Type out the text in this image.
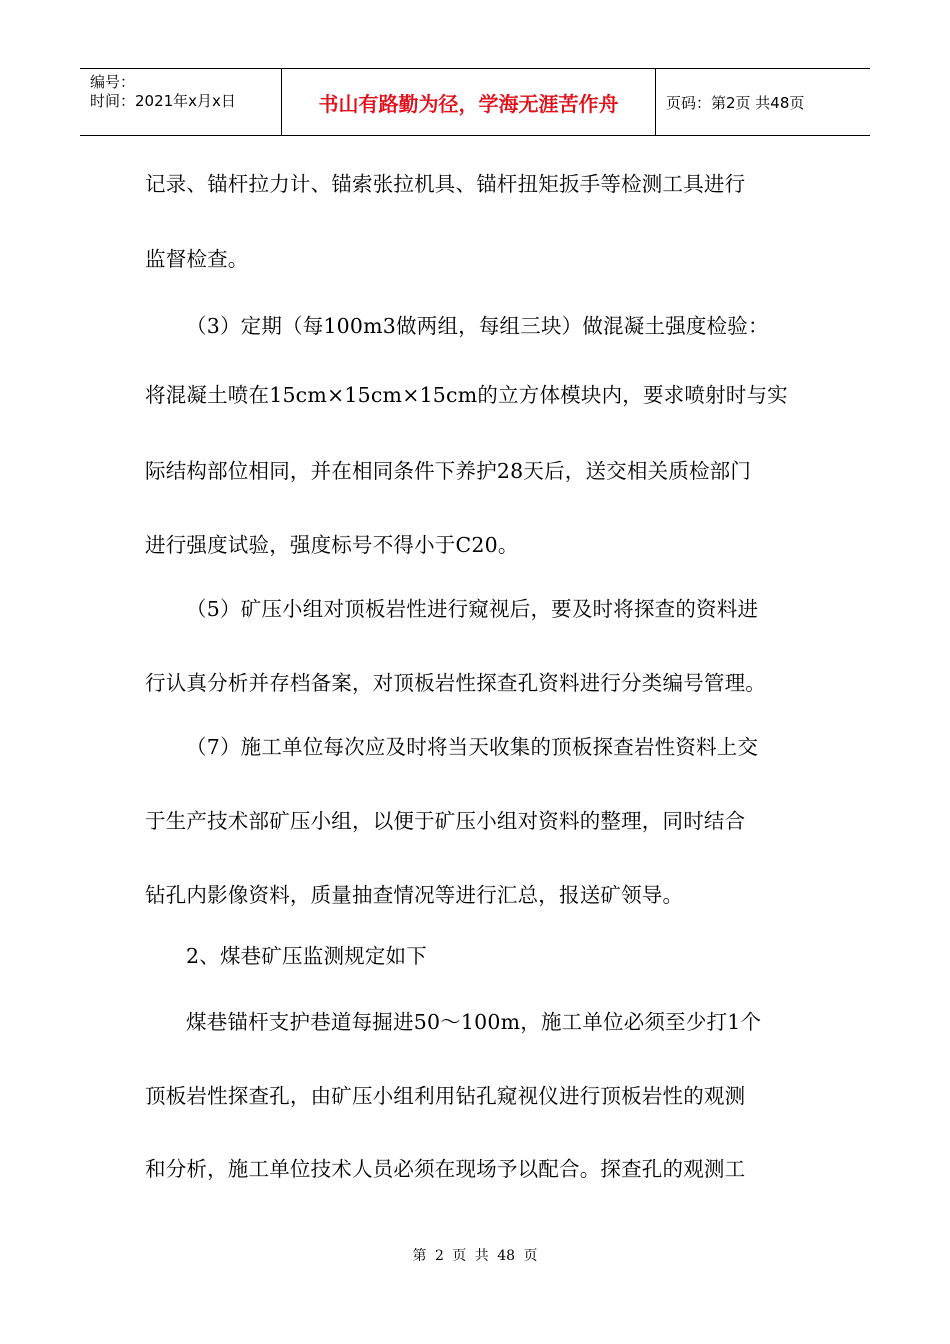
编号：
时间：2021年x月x日	书山有路勤为径，学海无涯苦作舟	页码：第2页 共48页
记录、锚杆拉力计、锚索张拉机具、锚杆扭矩扳手等检测工具进行
监督检查。
（3）定期（每100m3做两组，每组三块）做混凝土强度检验：
将混凝土喷在15cm×15cm×15cm的立方体模块内，要求喷射时与实
际结构部位相同，并在相同条件下养护28天后，送交相关质检部门
进行强度试验，强度标号不得小于C20。
（5）矿压小组对顶板岩性进行窥视后，要及时将探查的资料进
行认真分析并存档备案，对顶板岩性探查孔资料进行分类编号管理。
（7）施工单位每次应及时将当天收集的顶板探查岩性资料上交
于生产技术部矿压小组，以便于矿压小组对资料的整理，同时结合
钻孔内影像资料，质量抽查情况等进行汇总，报送矿领导。
2、煤巷矿压监测规定如下
煤巷锚杆支护巷道每掘进50～100m，施工单位必须至少打1个
顶板岩性探查孔，由矿压小组利用钻孔窥视仪进行顶板岩性的观测
和分析，施工单位技术人员必须在现场予以配合。探查孔的观测工
第 2 页 共 48 页
